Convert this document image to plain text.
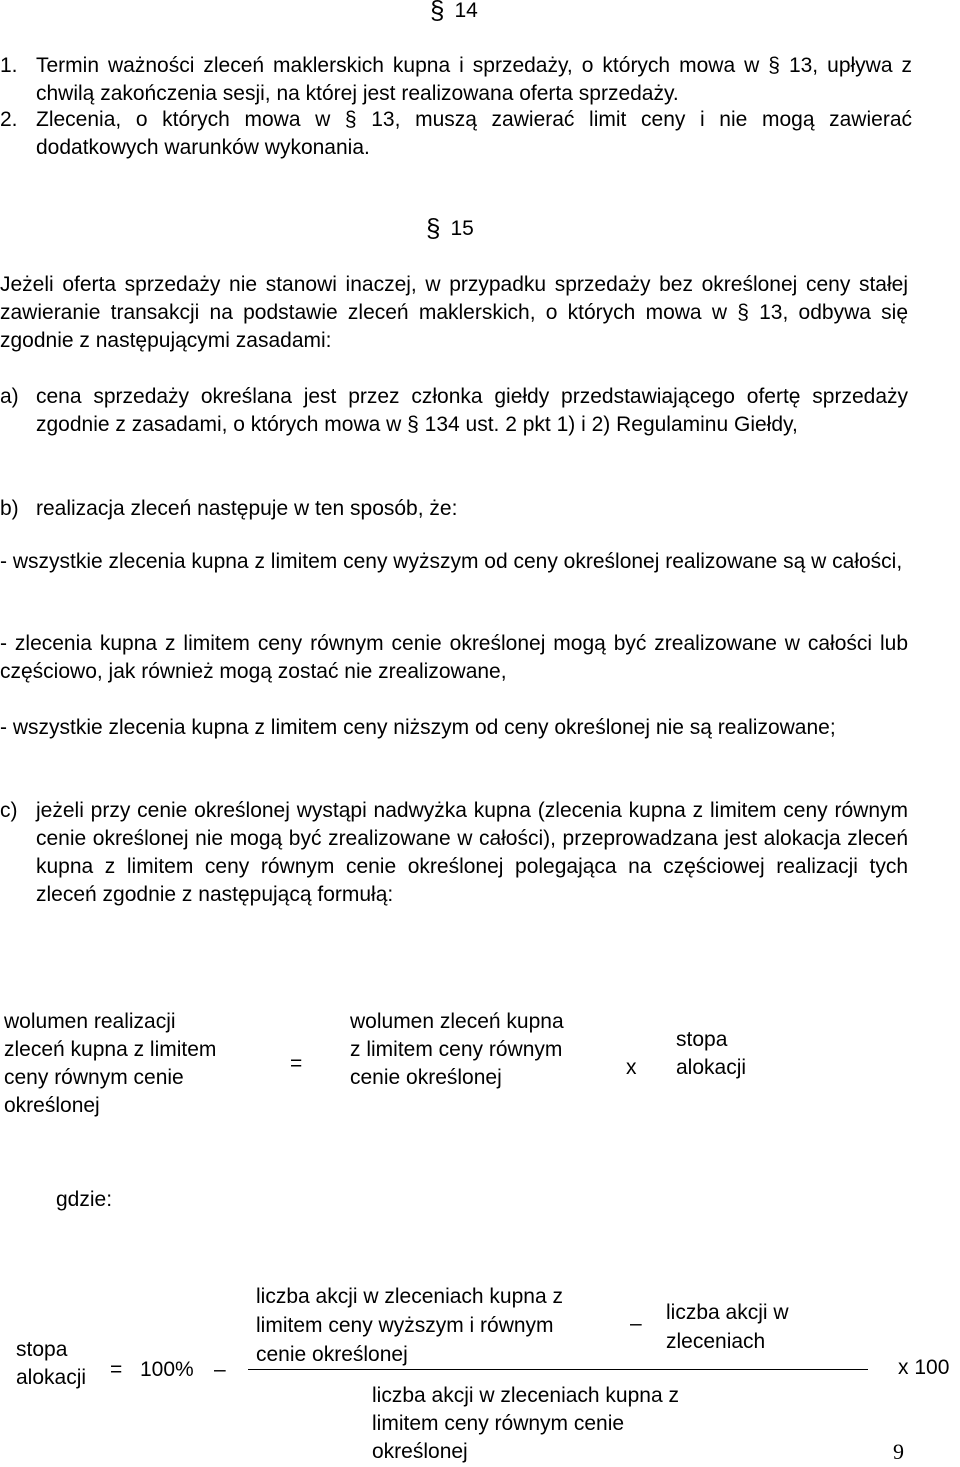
§ 14
1. Termin ważności zleceń maklerskich kupna i sprzedaży, o których mowa w § 13, upływa z chwilą zakończenia sesji, na której jest realizowana oferta sprzedaży.
2. Zlecenia, o których mowa w § 13, muszą zawierać limit ceny i nie mogą zawierać dodatkowych warunków wykonania.
§ 15
Jeżeli oferta sprzedaży nie stanowi inaczej, w przypadku sprzedaży bez określonej ceny stałej zawieranie transakcji na podstawie zleceń maklerskich, o których mowa w § 13, odbywa się zgodnie z następującymi zasadami:
a) cena sprzedaży określana jest przez członka giełdy przedstawiającego ofertę sprzedaży zgodnie z zasadami, o których mowa w § 134 ust. 2 pkt 1) i 2) Regulaminu Giełdy,
b) realizacja zleceń następuje w ten sposób, że:
- wszystkie zlecenia kupna z limitem ceny wyższym od ceny określonej realizowane są w całości,
- zlecenia kupna z limitem ceny równym cenie określonej mogą być zrealizowane w całości lub częściowo, jak również mogą zostać nie zrealizowane,
- wszystkie zlecenia kupna z limitem ceny niższym od ceny określonej nie są realizowane;
c) jeżeli przy cenie określonej wystąpi nadwyżka kupna (zlecenia kupna z limitem ceny równym cenie określonej nie mogą być zrealizowane w całości), przeprowadzana jest alokacja zleceń kupna z limitem ceny równym cenie określonej polegająca na częściowej realizacji tych zleceń zgodnie z następującą formułą:
wolumen realizacji
zleceń kupna z limitem
ceny równym cenie
określonej
=
wolumen zleceń kupna
z limitem ceny równym
cenie określonej	x
stopa
alokacji
gdzie:
stopa
alokacji = 100% –
liczba akcji w zleceniach kupna z
limitem ceny wyższym i równym
cenie określonej
– liczba akcji w
zleceniach
liczba akcji w zleceniach kupna z
limitem ceny równym cenie
określonej
x 100
9
